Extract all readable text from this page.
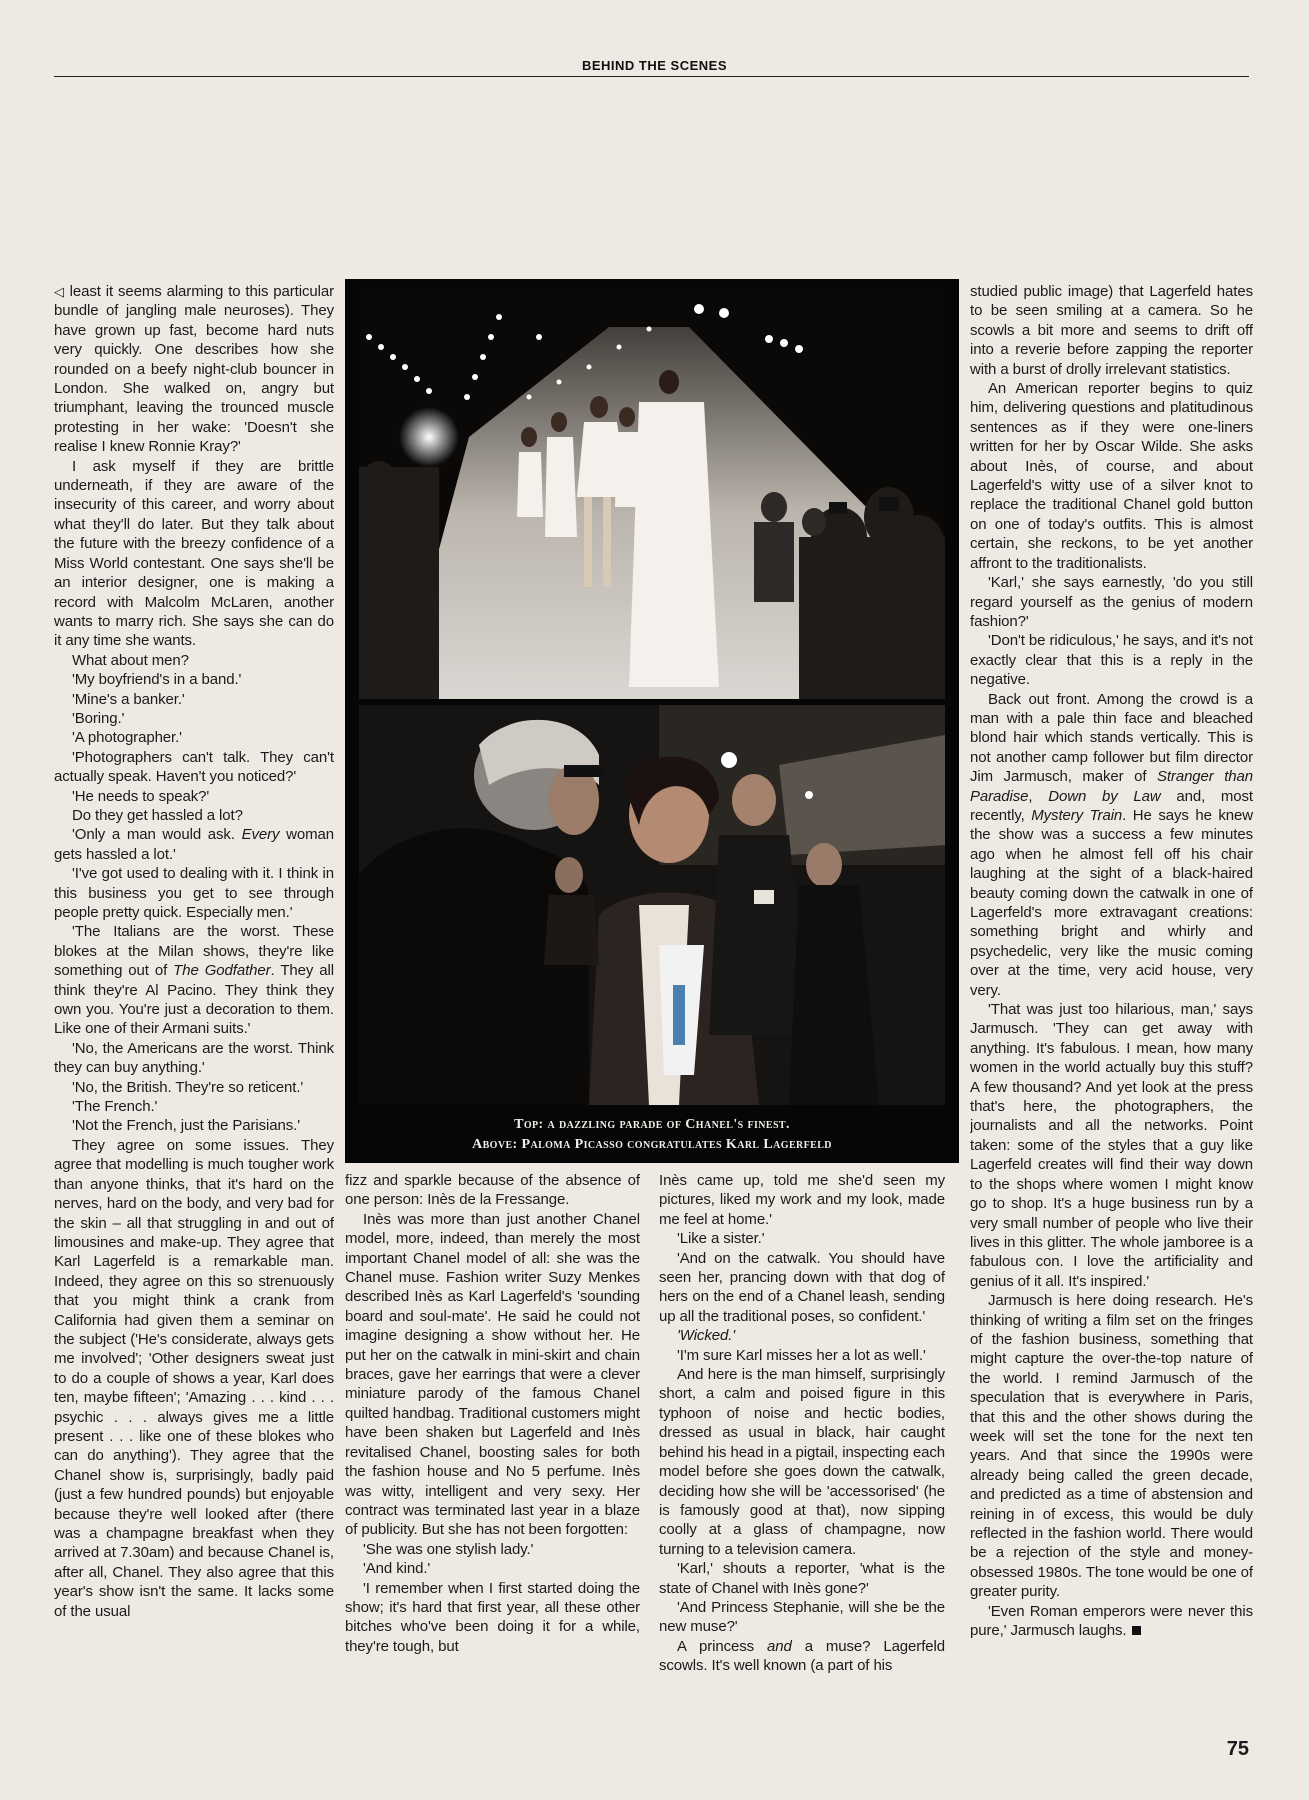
BEHIND THE SCENES

◁ least it seems alarming to this particular bundle of jangling male neuroses). They have grown up fast, become hard nuts very quickly. One describes how she rounded on a beefy night-club bouncer in London. She walked on, angry but triumphant, leaving the trounced muscle protesting in her wake: 'Doesn't she realise I knew Ronnie Kray?'

I ask myself if they are brittle underneath, if they are aware of the insecurity of this career, and worry about what they'll do later. But they talk about the future with the breezy confidence of a Miss World contestant. One says she'll be an interior designer, one is making a record with Malcolm McLaren, another wants to marry rich. She says she can do it any time she wants.

What about men?

'My boyfriend's in a band.'

'Mine's a banker.'

'Boring.'

'A photographer.'

'Photographers can't talk. They can't actually speak. Haven't you noticed?'

'He needs to speak?'

Do they get hassled a lot?

'Only a man would ask. Every woman gets hassled a lot.'

'I've got used to dealing with it. I think in this business you get to see through people pretty quick. Especially men.'

'The Italians are the worst. These blokes at the Milan shows, they're like something out of The Godfather. They all think they're Al Pacino. They think they own you. You're just a decoration to them. Like one of their Armani suits.'

'No, the Americans are the worst. Think they can buy anything.'

'No, the British. They're so reticent.'

'The French.'

'Not the French, just the Parisians.'

They agree on some issues. They agree that modelling is much tougher work than anyone thinks, that it's hard on the nerves, hard on the body, and very bad for the skin – all that struggling in and out of limousines and make-up. They agree that Karl Lagerfeld is a remarkable man. Indeed, they agree on this so strenuously that you might think a crank from California had given them a seminar on the subject ('He's considerate, always gets me involved'; 'Other designers sweat just to do a couple of shows a year, Karl does ten, maybe fifteen'; 'Amazing . . . kind . . . psychic . . . always gives me a little present . . . like one of these blokes who can do anything'). They agree that the Chanel show is, surprisingly, badly paid (just a few hundred pounds) but enjoyable because they're well looked after (there was a champagne breakfast when they arrived at 7.30am) and because Chanel is, after all, Chanel. They also agree that this year's show isn't the same. It lacks some of the usual

Top: a dazzling parade of Chanel's finest.
Above: Paloma Picasso congratulates Karl Lagerfeld

fizz and sparkle because of the absence of one person: Inès de la Fressange.

Inès was more than just another Chanel model, more, indeed, than merely the most important Chanel model of all: she was the Chanel muse. Fashion writer Suzy Menkes described Inès as Karl Lagerfeld's 'sounding board and soul-mate'. He said he could not imagine designing a show without her. He put her on the catwalk in mini-skirt and chain braces, gave her earrings that were a clever miniature parody of the famous Chanel quilted handbag. Traditional customers might have been shaken but Lagerfeld and Inès revitalised Chanel, boosting sales for both the fashion house and No 5 perfume. Inès was witty, intelligent and very sexy. Her contract was terminated last year in a blaze of publicity. But she has not been forgotten:

'She was one stylish lady.'

'And kind.'

'I remember when I first started doing the show; it's hard that first year, all these other bitches who've been doing it for a while, they're tough, but

Inès came up, told me she'd seen my pictures, liked my work and my look, made me feel at home.'

'Like a sister.'

'And on the catwalk. You should have seen her, prancing down with that dog of hers on the end of a Chanel leash, sending up all the traditional poses, so confident.'

'Wicked.'

'I'm sure Karl misses her a lot as well.'

And here is the man himself, surprisingly short, a calm and poised figure in this typhoon of noise and hectic bodies, dressed as usual in black, hair caught behind his head in a pigtail, inspecting each model before she goes down the catwalk, deciding how she will be 'accessorised' (he is famously good at that), now sipping coolly at a glass of champagne, now turning to a television camera.

'Karl,' shouts a reporter, 'what is the state of Chanel with Inès gone?'

'And Princess Stephanie, will she be the new muse?'

A princess and a muse? Lagerfeld scowls. It's well known (a part of his

studied public image) that Lagerfeld hates to be seen smiling at a camera. So he scowls a bit more and seems to drift off into a reverie before zapping the reporter with a burst of drolly irrelevant statistics.

An American reporter begins to quiz him, delivering questions and platitudinous sentences as if they were one-liners written for her by Oscar Wilde. She asks about Inès, of course, and about Lagerfeld's witty use of a silver knot to replace the traditional Chanel gold button on one of today's outfits. This is almost certain, she reckons, to be yet another affront to the traditionalists.

'Karl,' she says earnestly, 'do you still regard yourself as the genius of modern fashion?'

'Don't be ridiculous,' he says, and it's not exactly clear that this is a reply in the negative.

Back out front. Among the crowd is a man with a pale thin face and bleached blond hair which stands vertically. This is not another camp follower but film director Jim Jarmusch, maker of Stranger than Paradise, Down by Law and, most recently, Mystery Train. He says he knew the show was a success a few minutes ago when he almost fell off his chair laughing at the sight of a black-haired beauty coming down the catwalk in one of Lagerfeld's more extravagant creations: something bright and whirly and psychedelic, very like the music coming over at the time, very acid house, very very.

'That was just too hilarious, man,' says Jarmusch. 'They can get away with anything. It's fabulous. I mean, how many women in the world actually buy this stuff? A few thousand? And yet look at the press that's here, the photographers, the journalists and all the networks. Point taken: some of the styles that a guy like Lagerfeld creates will find their way down to the shops where women I might know go to shop. It's a huge business run by a very small number of people who live their lives in this glitter. The whole jamboree is a fabulous con. I love the artificiality and genius of it all. It's inspired.'

Jarmusch is here doing research. He's thinking of writing a film set on the fringes of the fashion business, something that might capture the over-the-top nature of the world. I remind Jarmusch of the speculation that is everywhere in Paris, that this and the other shows during the week will set the tone for the next ten years. And that since the 1990s were already being called the green decade, and predicted as a time of abstension and reining in of excess, this would be duly reflected in the fashion world. There would be a rejection of the style and money-obsessed 1980s. The tone would be one of greater purity.

'Even Roman emperors were never this pure,' Jarmusch laughs.

75
